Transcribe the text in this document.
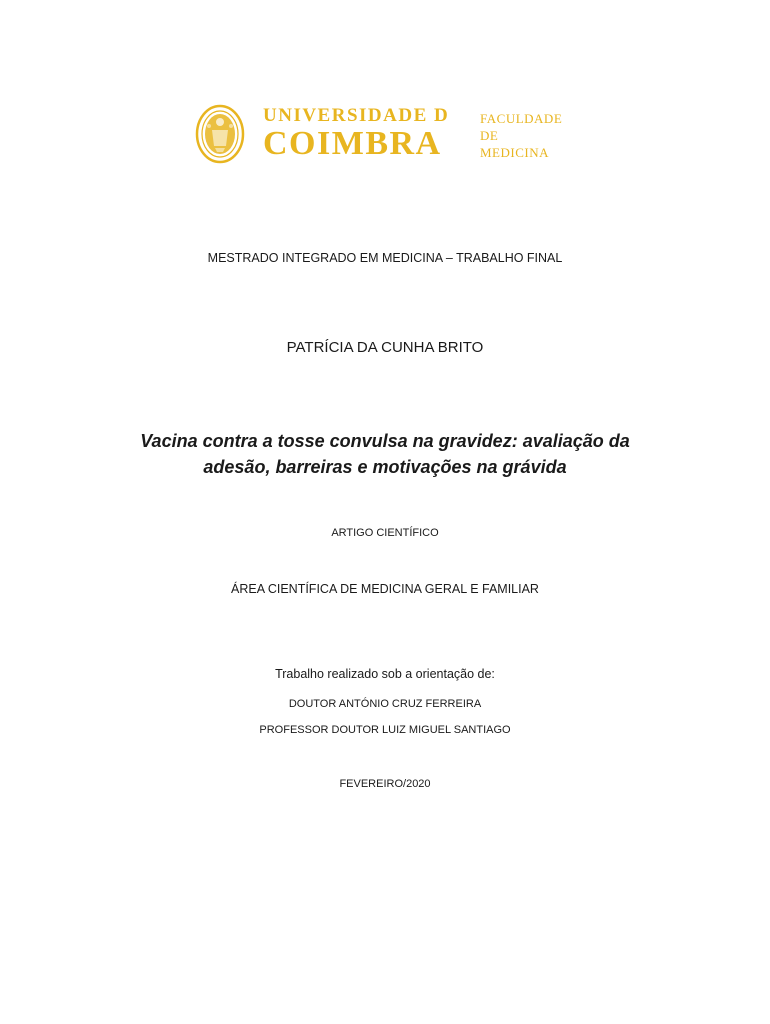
UNIVERSIDADE D
COIMBRA
FACULDADE
DE
MEDICINA
MESTRADO INTEGRADO EM MEDICINA – TRABALHO FINAL
PATRÍCIA DA CUNHA BRITO
Vacina contra a tosse convulsa na gravidez: avaliação da
adesão, barreiras e motivações na grávida
ARTIGO CIENTÍFICO
ÁREA CIENTÍFICA DE MEDICINA GERAL E FAMILIAR
Trabalho realizado sob a orientação de:
DOUTOR ANTÓNIO CRUZ FERREIRA
PROFESSOR DOUTOR LUIZ MIGUEL SANTIAGO
FEVEREIRO/2020
